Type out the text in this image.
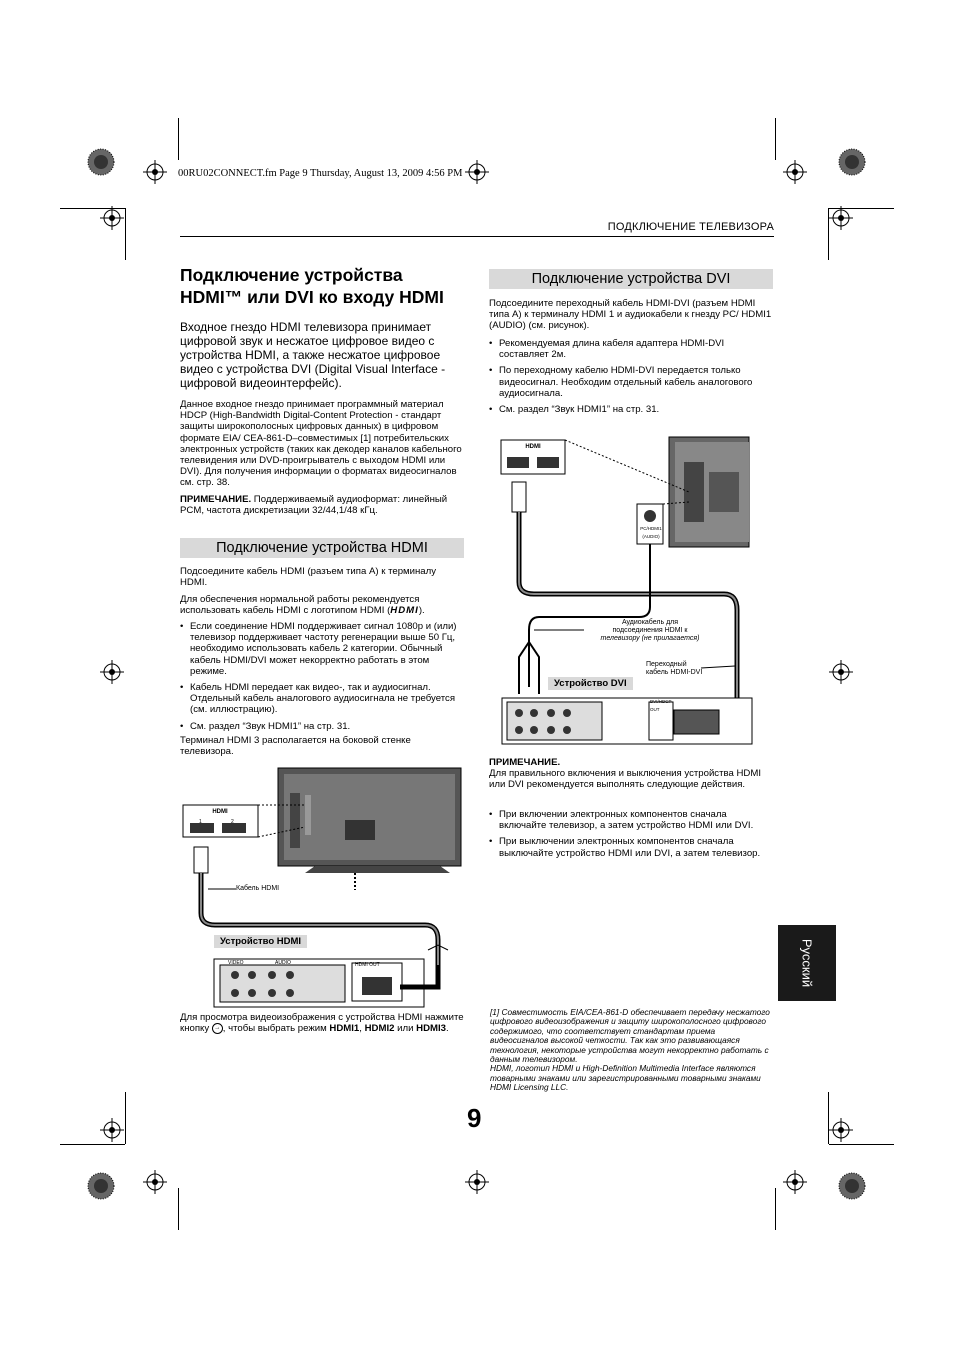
00RU02CONNECT.fm Page 9 Thursday, August 13, 2009 4:56 PM
ПОДКЛЮЧЕНИЕ ТЕЛЕВИЗОРА
Подключение устройства
HDMI™ или DVI ко входу HDMI
Входное гнездо HDMI телевизора принимает цифровой звук и несжатое цифровое видео с устройства HDMI, а также несжатое цифровое видео с устройства DVI (Digital Visual Interface - цифровой видеоинтерфейс).
Данное входное гнездо принимает программный материал HDCP (High-Bandwidth Digital-Content Protection - стандарт защиты широкополосных цифровых данных) в цифровом формате EIA/ CEA-861-D–совместимых [1] потребительских электронных устройств (таких как декодер каналов кабельного телевидения или DVD-проигрыватель с выходом HDMI или DVI). Для получения информации о форматах видеосигналов см. стр. 38.
ПРИМЕЧАНИЕ. Поддерживаемый аудиоформат: линейный PCM, частота дискретизации 32/44,1/48 кГц.
Подключение устройства HDMI
Подсоедините кабель HDMI (разъем типа A) к терминалу HDMI.
Для обеспечения нормальной работы рекомендуется использовать кабель HDMI с логотипом HDMI (HDMI).
• Если соединение HDMI поддерживает сигнал 1080p и (или) телевизор поддерживает частоту регенерации выше 50 Гц, необходимо использовать кабель 2 категории. Обычный кабель HDMI/DVI может некорректно работать в этом режиме.
• Кабель HDMI передает как видео-, так и аудиосигнал. Отдельный кабель аналогового аудиосигнала не требуется (см. иллюстрацию).
• См. раздел “Звук HDMI1” на стр. 31.
Терминал HDMI 3 располагается на боковой стенке телевизора.
HDMI
Кабель HDMI
Устройство HDMI
VIDEO	AUDIO	HDMI OUT
1	2
Для просмотра видеоизображения с устройства HDMI нажмите кнопку → , чтобы выбрать режим HDMI1, HDMI2 или HDMI3.
Подключение устройства DVI
Подсоедините переходный кабель HDMI-DVI (разъем HDMI типа A) к терминалу HDMI 1 и аудиокабели к гнезду PC/ HDMI1 (AUDIO) (см. рисунок).
• Рекомендуемая длина кабеля адаптера HDMI-DVI составляет 2м.
• По переходному кабелю HDMI-DVI передается только видеосигнал. Необходим отдельный кабель аналогового аудиосигнала.
• См. раздел “Звук HDMI1” на стр. 31.
HDMI
Аудиокабель для
подсоединения HDMI к
телевизору (не прилагается)
Переходный
кабель HDMI-DVI
Устройство DVI
DVI/HDCP OUT
PC/HDMI1
(AUDIO)
ПРИМЕЧАНИЕ.
Для правильного включения и выключения устройства HDMI или DVI рекомендуется выполнять следующие действия.
• При включении электронных компонентов сначала включайте телевизор, а затем устройство HDMI или DVI.
• При выключении электронных компонентов сначала выключайте устройство HDMI или DVI, а затем телевизор.
Русский
[1] Совместимость EIA/CEA-861-D обеспечивает передачу несжатого цифрового видеоизображения и защиту широкополосного цифрового содержимого, что соответствует стандартам приема видеосигналов высокой четкости. Так как это развивающаяся технология, некоторые устройства могут некорректно работать с данным телевизором.
HDMI, логотип HDMI и High-Definition Multimedia Interface являются товарными знаками или зарегистрированными товарными знаками HDMI Licensing LLC.
9
